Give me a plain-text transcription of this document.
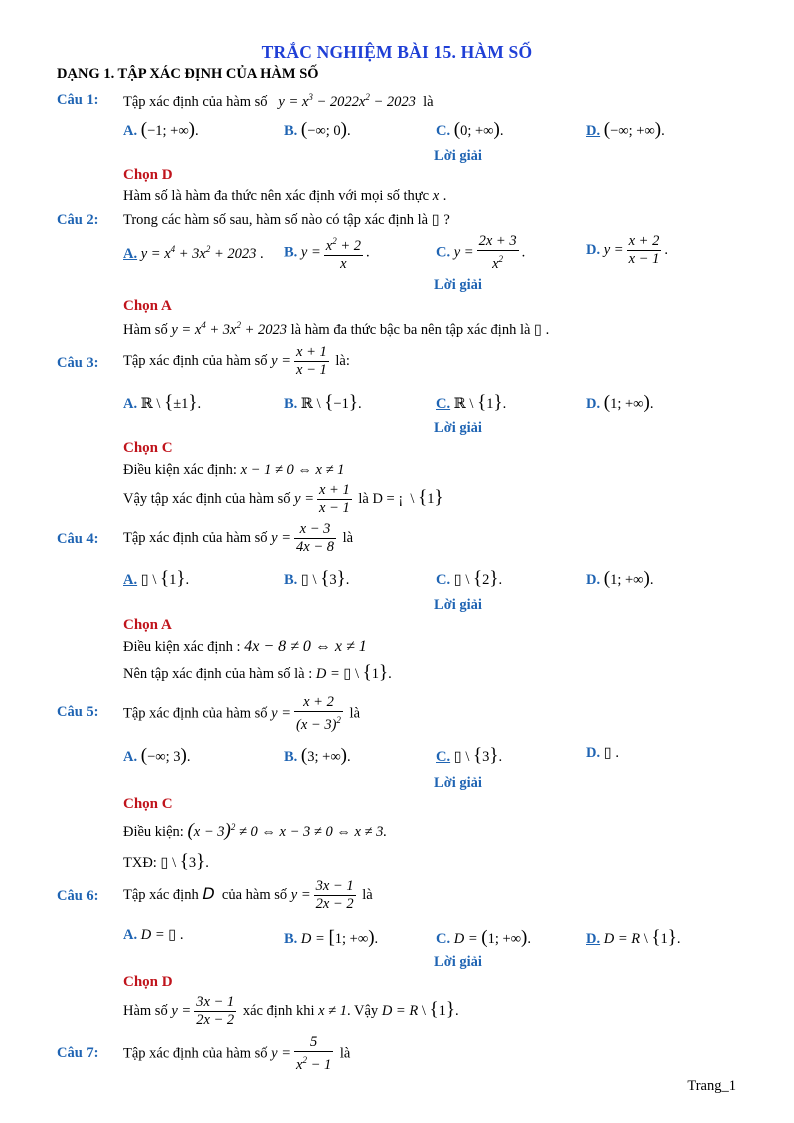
TRẮC NGHIỆM BÀI 15. HÀM SỐ
DẠNG 1. TẬP XÁC ĐỊNH CỦA HÀM SỐ
Câu 1: Tập xác định của hàm số   $y = x^3 - 2022x^2 - 2023$ là
A. (−1; +∞).	B. (−∞; 0).	C. (0; +∞).	D. (−∞; +∞).
Lời giải
Chọn D
Hàm số là hàm đa thức nên xác định với mọi số thực x .
Câu 2: Trong các hàm số sau, hàm số nào có tập xác định là ▯ ?
A. $y = x^4 + 3x^2 + 2023$ . B. $y = \frac{x^2 + 2}{x}$ .	C. $y = \frac{2x + 3}{x^2}$ .	D. $y = \frac{x + 2}{x - 1}$ .
Lời giải
Chọn A
Hàm số $y = x^4 + 3x^2 + 2023$ là hàm đa thức bậc ba nên tập xác định là ▯ .
Câu 3: Tập xác định của hàm số $y = \frac{x + 1}{x - 1}$ là:
A. ℝ \ {±1}.	B. ℝ \ {−1}.	C. ℝ \ {1}.	D. (1; +∞).
Lời giải
Chọn C
Điều kiện xác định: x − 1 ≠ 0 ⇔ x ≠ 1
Vậy tập xác định của hàm số $y = \frac{x + 1}{x - 1}$ là D = ¡  \ {1}
Câu 4: Tập xác định của hàm số $y = \frac{x - 3}{4x - 8}$ là
A. ▯ \ {1}.	B. ▯ \ {3}.	C. ▯ \ {2}.	D. (1; +∞).
Lời giải
Chọn A
Điều kiện xác định : 4x − 8 ≠ 0 ⇔ x ≠ 1
Nên tập xác định của hàm số là : D = ▯ \ {1}.
Câu 5: Tập xác định của hàm số $y = \frac{x + 2}{(x - 3)^2}$ là
A. (−∞; 3).	B. (3; +∞).	C. ▯ \ {3}.	D. ▯ .
Lời giải
Chọn C
Điều kiện: $(x - 3)^2 \ne 0$ ⇔ x − 3 ≠ 0 ⇔ x ≠ 3.
TXĐ: ▯ \ {3}.
Câu 6: Tập xác định D của hàm số $y = \frac{3x - 1}{2x - 2}$ là
A. D = ▯ .	B. D = [1; +∞).	C. D = (1; +∞).	D. D = R \ {1}.
Lời giải
Chọn D
Hàm số $y = \frac{3x - 1}{2x - 2}$ xác định khi x ≠ 1. Vậy D = R \ {1}.
Câu 7: Tập xác định của hàm số $y = \frac{5}{x^2 - 1}$ là
Trang_1
